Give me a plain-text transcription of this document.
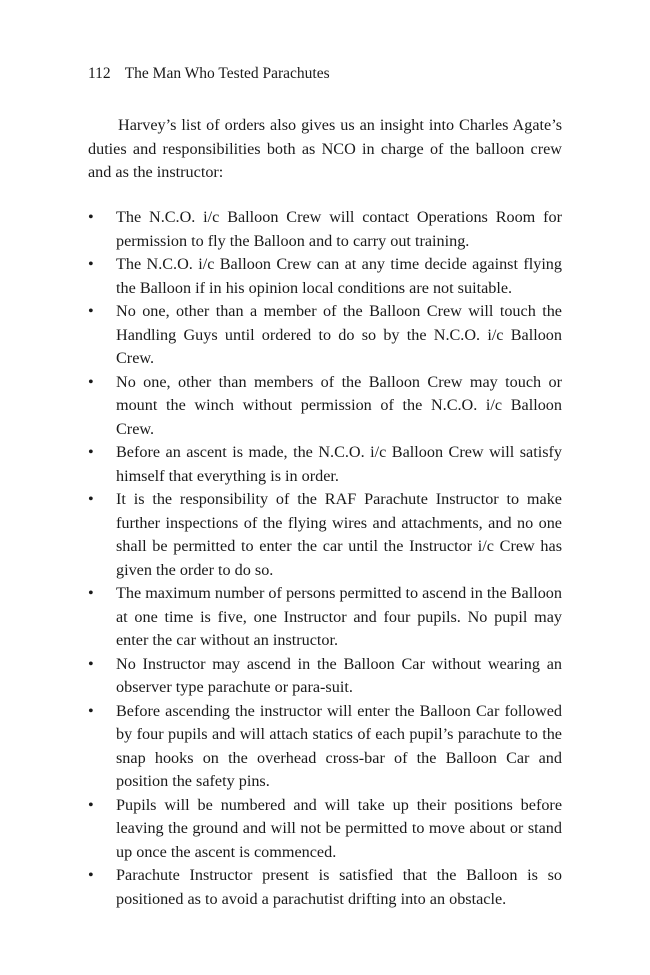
112 The Man Who Tested Parachutes

Harvey’s list of orders also gives us an insight into Charles Agate’s duties and responsibilities both as NCO in charge of the balloon crew and as the instructor:

•	The N.C.O. i/c Balloon Crew will contact Operations Room for permission to fly the Balloon and to carry out training.
•	The N.C.O. i/c Balloon Crew can at any time decide against flying the Balloon if in his opinion local conditions are not suitable.
•	No one, other than a member of the Balloon Crew will touch the Handling Guys until ordered to do so by the N.C.O. i/c Balloon Crew.
•	No one, other than members of the Balloon Crew may touch or mount the winch without permission of the N.C.O. i/c Balloon Crew.
•	Before an ascent is made, the N.C.O. i/c Balloon Crew will satisfy himself that everything is in order.
•	It is the responsibility of the RAF Parachute Instructor to make further inspections of the flying wires and attachments, and no one shall be permitted to enter the car until the Instructor i/c Crew has given the order to do so.
•	The maximum number of persons permitted to ascend in the Balloon at one time is five, one Instructor and four pupils. No pupil may enter the car without an instructor.
•	No Instructor may ascend in the Balloon Car without wearing an observer type parachute or para-suit.
•	Before ascending the instructor will enter the Balloon Car followed by four pupils and will attach statics of each pupil’s parachute to the snap hooks on the overhead cross-bar of the Balloon Car and position the safety pins.
•	Pupils will be numbered and will take up their positions before leaving the ground and will not be permitted to move about or stand up once the ascent is commenced.
•	Parachute Instructor present is satisfied that the Balloon is so positioned as to avoid a parachutist drifting into an obstacle.
